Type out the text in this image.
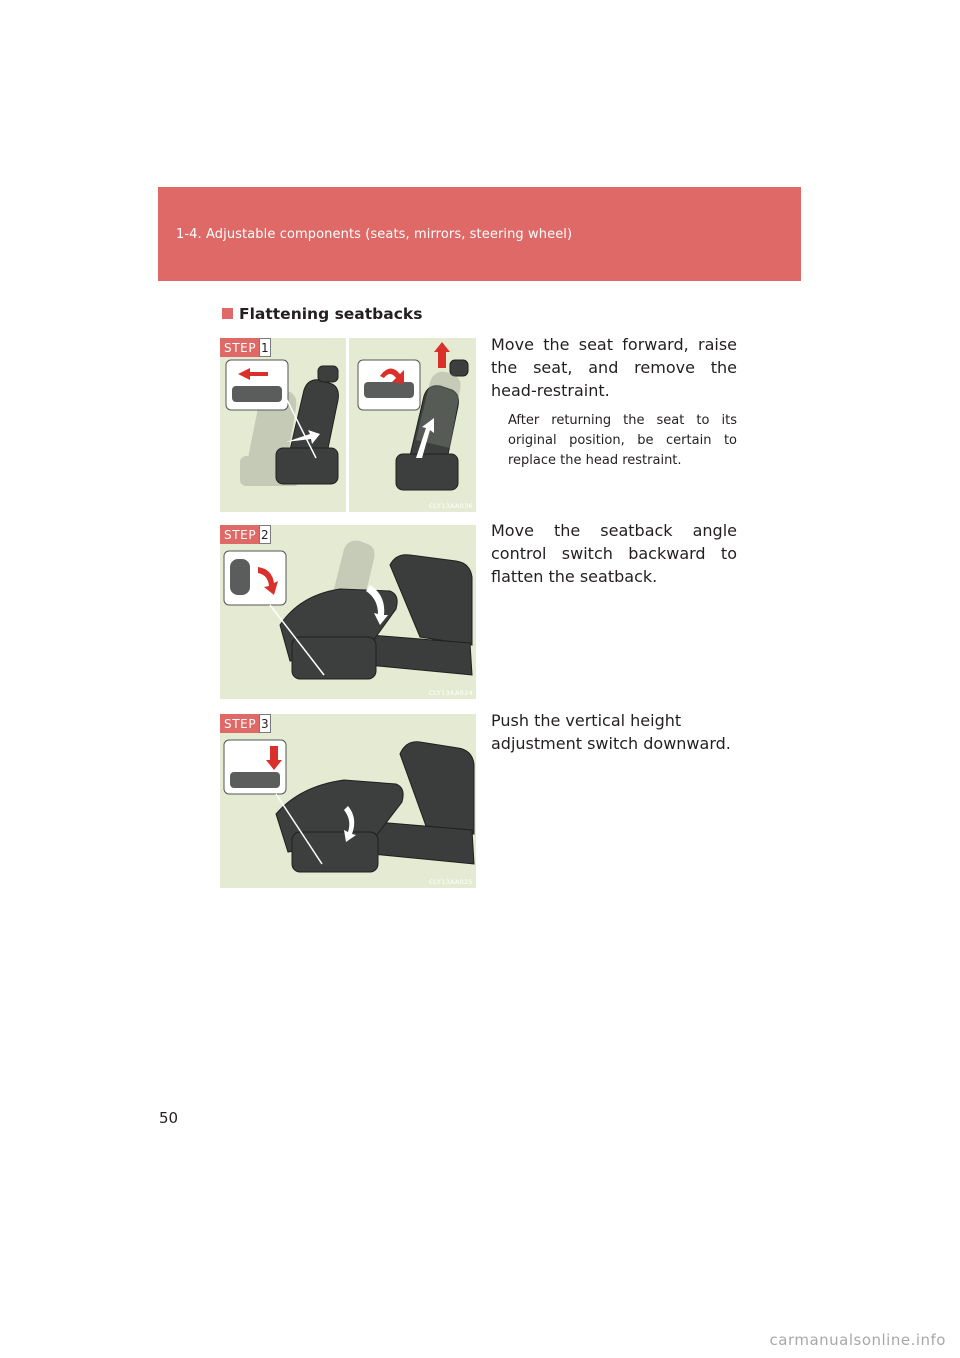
1-4. Adjustable components (seats, mirrors, steering wheel)
Flattening seatbacks
STEP 1
CLY13AA036
Move the seat forward, raise the seat, and remove the head-restraint.
After returning the seat to its original position, be certain to replace the head restraint.
STEP 2
CLY13AA024
Move the seatback angle control switch backward to flatten the seatback.
STEP 3
CLY13AA025
Push the vertical height adjustment switch downward.
50
carmanualsonline.info
